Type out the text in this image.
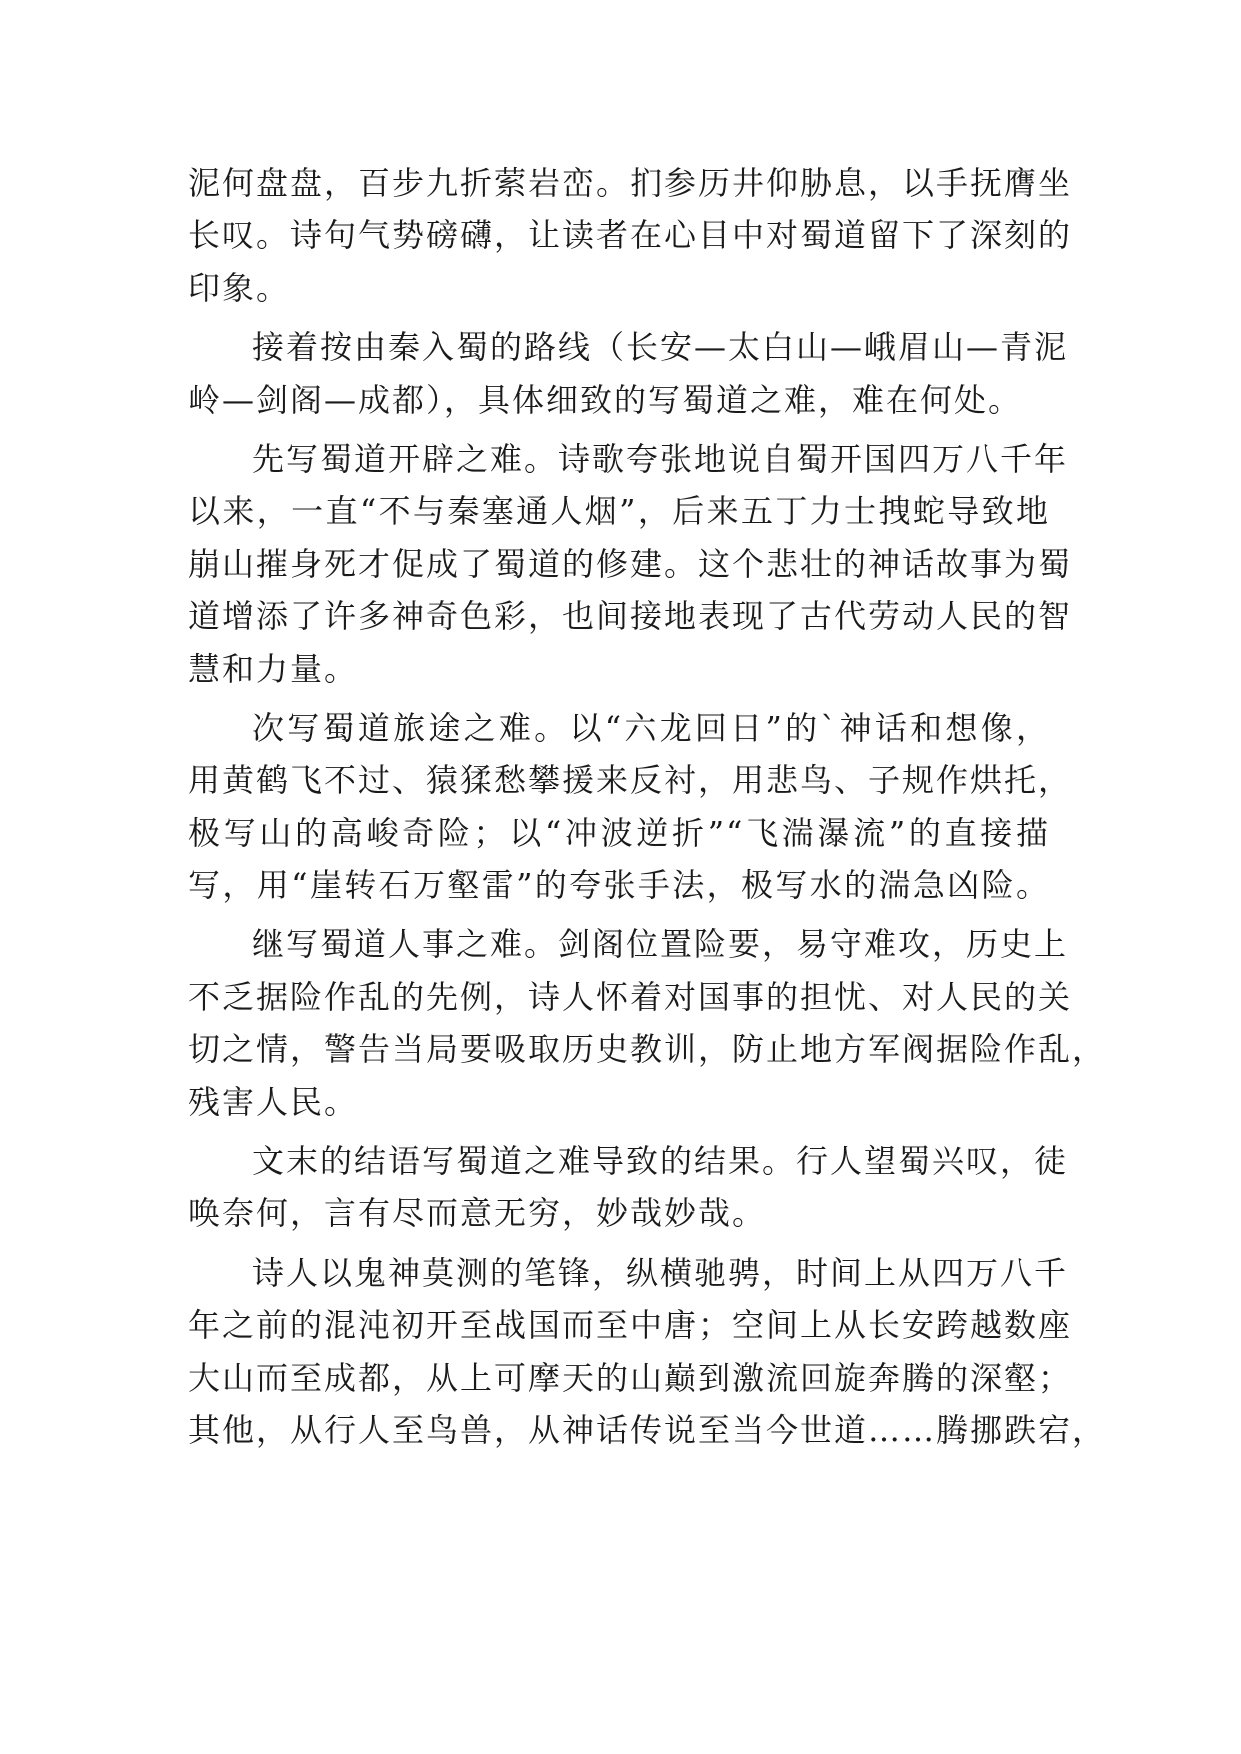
泥何盘盘，百步九折萦岩峦。扪参历井仰胁息，以手抚膺坐
长叹。诗句气势磅礴，让读者在心目中对蜀道留下了深刻的
印象。
接着按由秦入蜀的路线（长安—太白山—峨眉山—青泥
岭—剑阁—成都），具体细致的写蜀道之难，难在何处。
先写蜀道开辟之难。诗歌夸张地说自蜀开国四万八千年
以来，一直“不与秦塞通人烟”，后来五丁力士拽蛇导致地
崩山摧身死才促成了蜀道的修建。这个悲壮的神话故事为蜀
道增添了许多神奇色彩，也间接地表现了古代劳动人民的智
慧和力量。
次写蜀道旅途之难。以“六龙回日”的`神话和想像，
用黄鹤飞不过、猿猱愁攀援来反衬，用悲鸟、子规作烘托，
极写山的高峻奇险；以“冲波逆折”“飞湍瀑流”的直接描
写，用“崖转石万壑雷”的夸张手法，极写水的湍急凶险。
继写蜀道人事之难。剑阁位置险要，易守难攻，历史上
不乏据险作乱的先例，诗人怀着对国事的担忧、对人民的关
切之情，警告当局要吸取历史教训，防止地方军阀据险作乱，
残害人民。
文末的结语写蜀道之难导致的结果。行人望蜀兴叹，徒
唤奈何，言有尽而意无穷，妙哉妙哉。
诗人以鬼神莫测的笔锋，纵横驰骋，时间上从四万八千
年之前的混沌初开至战国而至中唐；空间上从长安跨越数座
大山而至成都，从上可摩天的山巅到激流回旋奔腾的深壑；
其他，从行人至鸟兽，从神话传说至当今世道……腾挪跌宕，
